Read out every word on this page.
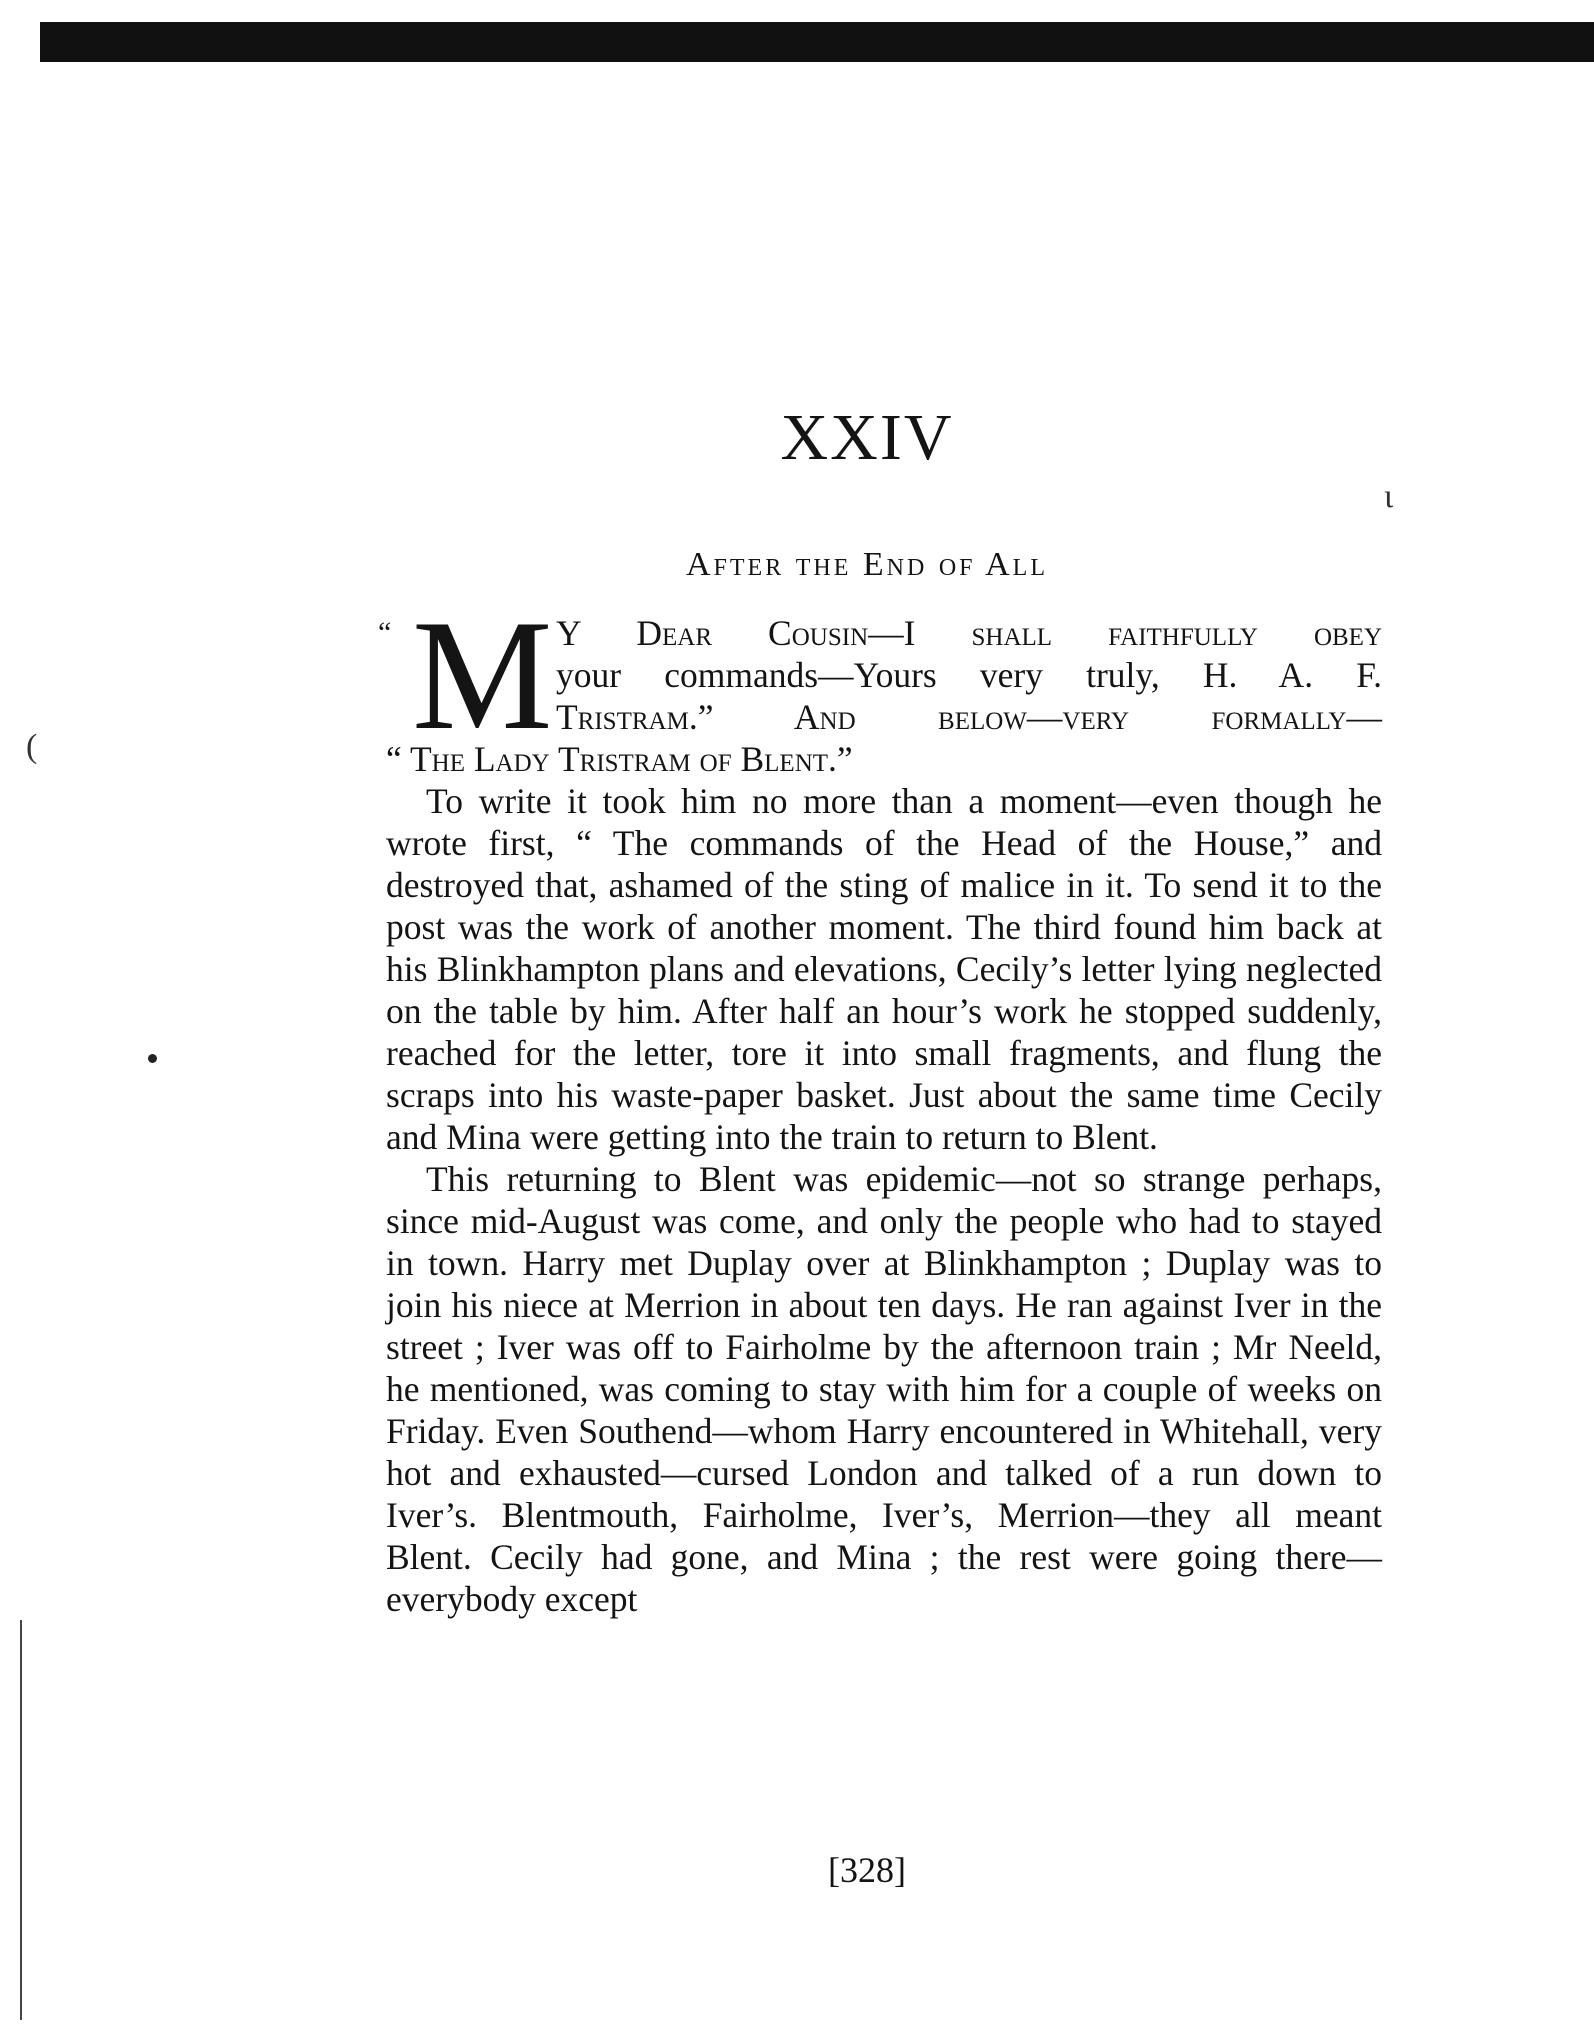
ι
(
XXIV
After the End of All
“ M Y Dear Cousin—I shall faithfully obey
your commands—Yours very truly, H. A. F.
Tristram.” And below—very formally—
“ The Lady Tristram of Blent.”

To write it took him no more than a moment—even though he wrote first, “ The commands of the Head of the House,” and destroyed that, ashamed of the sting of malice in it. To send it to the post was the work of another moment. The third found him back at his Blinkhampton plans and elevations, Cecily’s letter lying neglected on the table by him. After half an hour’s work he stopped suddenly, reached for the letter, tore it into small fragments, and flung the scraps into his waste-paper basket. Just about the same time Cecily and Mina were getting into the train to return to Blent.

This returning to Blent was epidemic—not so strange perhaps, since mid-August was come, and only the people who had to stayed in town. Harry met Duplay over at Blinkhampton ; Duplay was to join his niece at Merrion in about ten days. He ran against Iver in the street ; Iver was off to Fairholme by the afternoon train ; Mr Neeld, he mentioned, was coming to stay with him for a couple of weeks on Friday. Even Southend—whom Harry encountered in Whitehall, very hot and exhausted—cursed London and talked of a run down to Iver’s. Blentmouth, Fairholme, Iver’s, Merrion—they all meant Blent. Cecily had gone, and Mina ; the rest were going there—everybody except

[328]
